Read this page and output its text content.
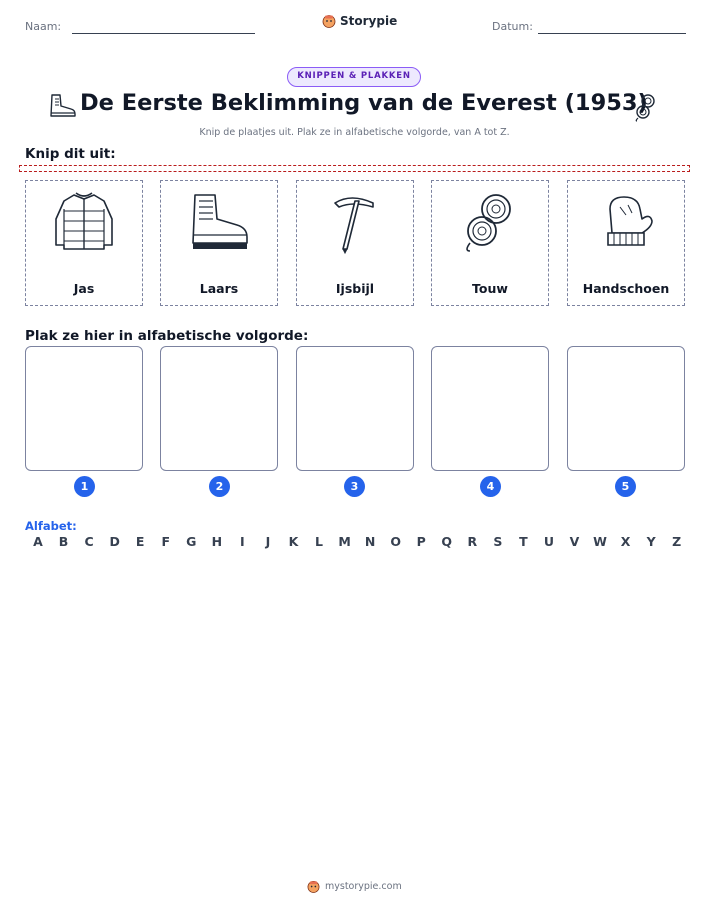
Naam:	Storypie	Datum:
KNIPPEN & PLAKKEN
De Eerste Beklimming van de Everest (1953)
Knip de plaatjes uit. Plak ze in alfabetische volgorde, van A tot Z.
Knip dit uit:
Jas	Laars	Ijsbijl	Touw	Handschoen
Plak ze hier in alfabetische volgorde:
1	2	3	4	5
Alfabet:
A B C D E F G H	I	J	K	L	M N O P Q R S T U V W X Y Z
mystorypie.com
